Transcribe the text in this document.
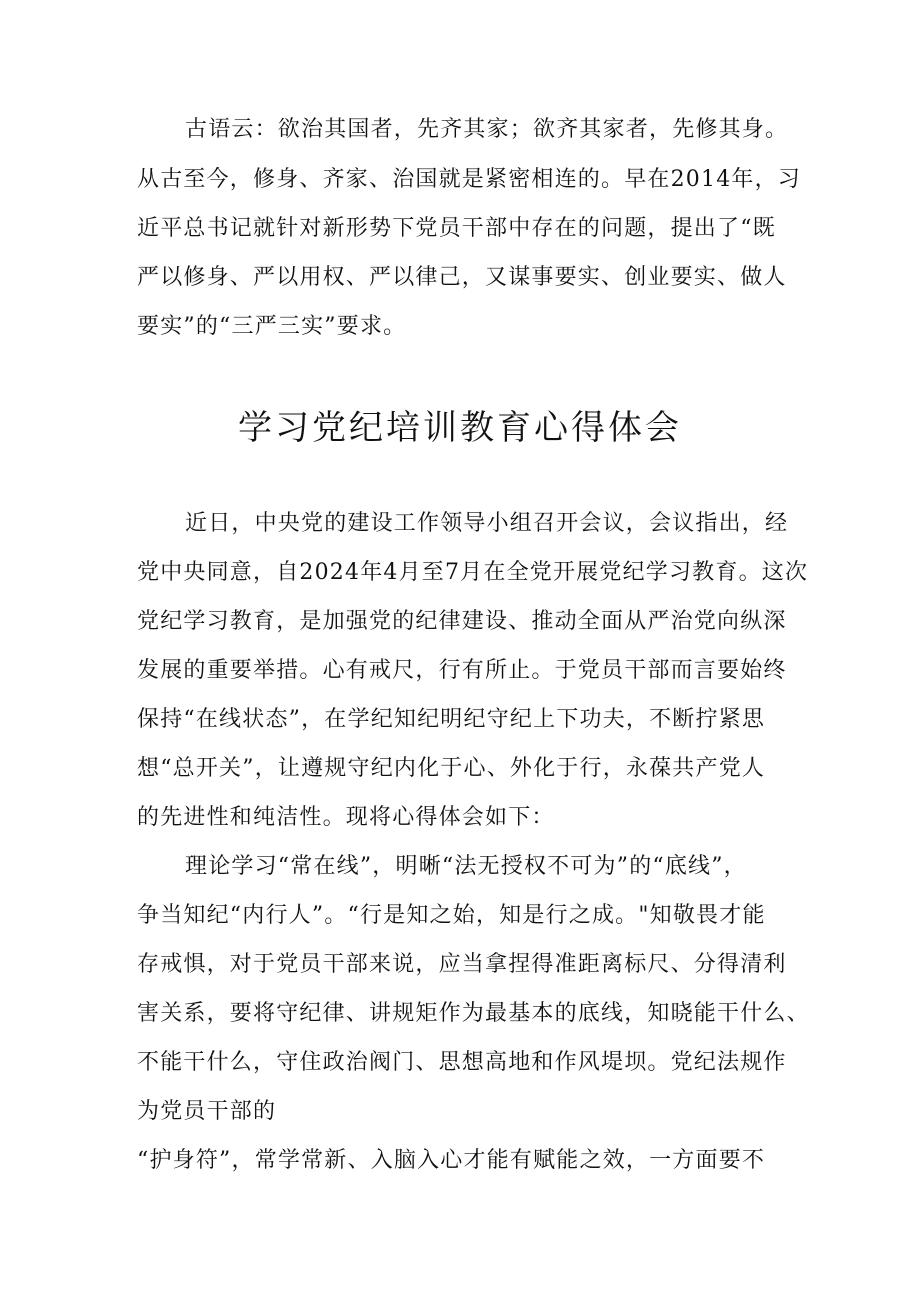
古语云：欲治其国者，先齐其家；欲齐其家者，先修其身。
从古至今，修身、齐家、治国就是紧密相连的。早在2014年，习
近平总书记就针对新形势下党员干部中存在的问题，提出了“既
严以修身、严以用权、严以律己，又谋事要实、创业要实、做人
要实”的“三严三实”要求。
学习党纪培训教育心得体会
近日，中央党的建设工作领导小组召开会议，会议指出，经
党中央同意，自2024年4月至7月在全党开展党纪学习教育。这次
党纪学习教育，是加强党的纪律建设、推动全面从严治党向纵深
发展的重要举措。心有戒尺，行有所止。于党员干部而言要始终
保持“在线状态”，在学纪知纪明纪守纪上下功夫，不断拧紧思
想“总开关”，让遵规守纪内化于心、外化于行，永葆共产党人
的先进性和纯洁性。现将心得体会如下：
理论学习“常在线”，明晰“法无授权不可为”的“底线”，
争当知纪“内行人”。“行是知之始，知是行之成。"知敬畏才能
存戒惧，对于党员干部来说，应当拿捏得准距离标尺、分得清利
害关系，要将守纪律、讲规矩作为最基本的底线，知晓能干什么、
不能干什么，守住政治阀门、思想高地和作风堤坝。党纪法规作
为党员干部的
“护身符”，常学常新、入脑入心才能有赋能之效，一方面要不
